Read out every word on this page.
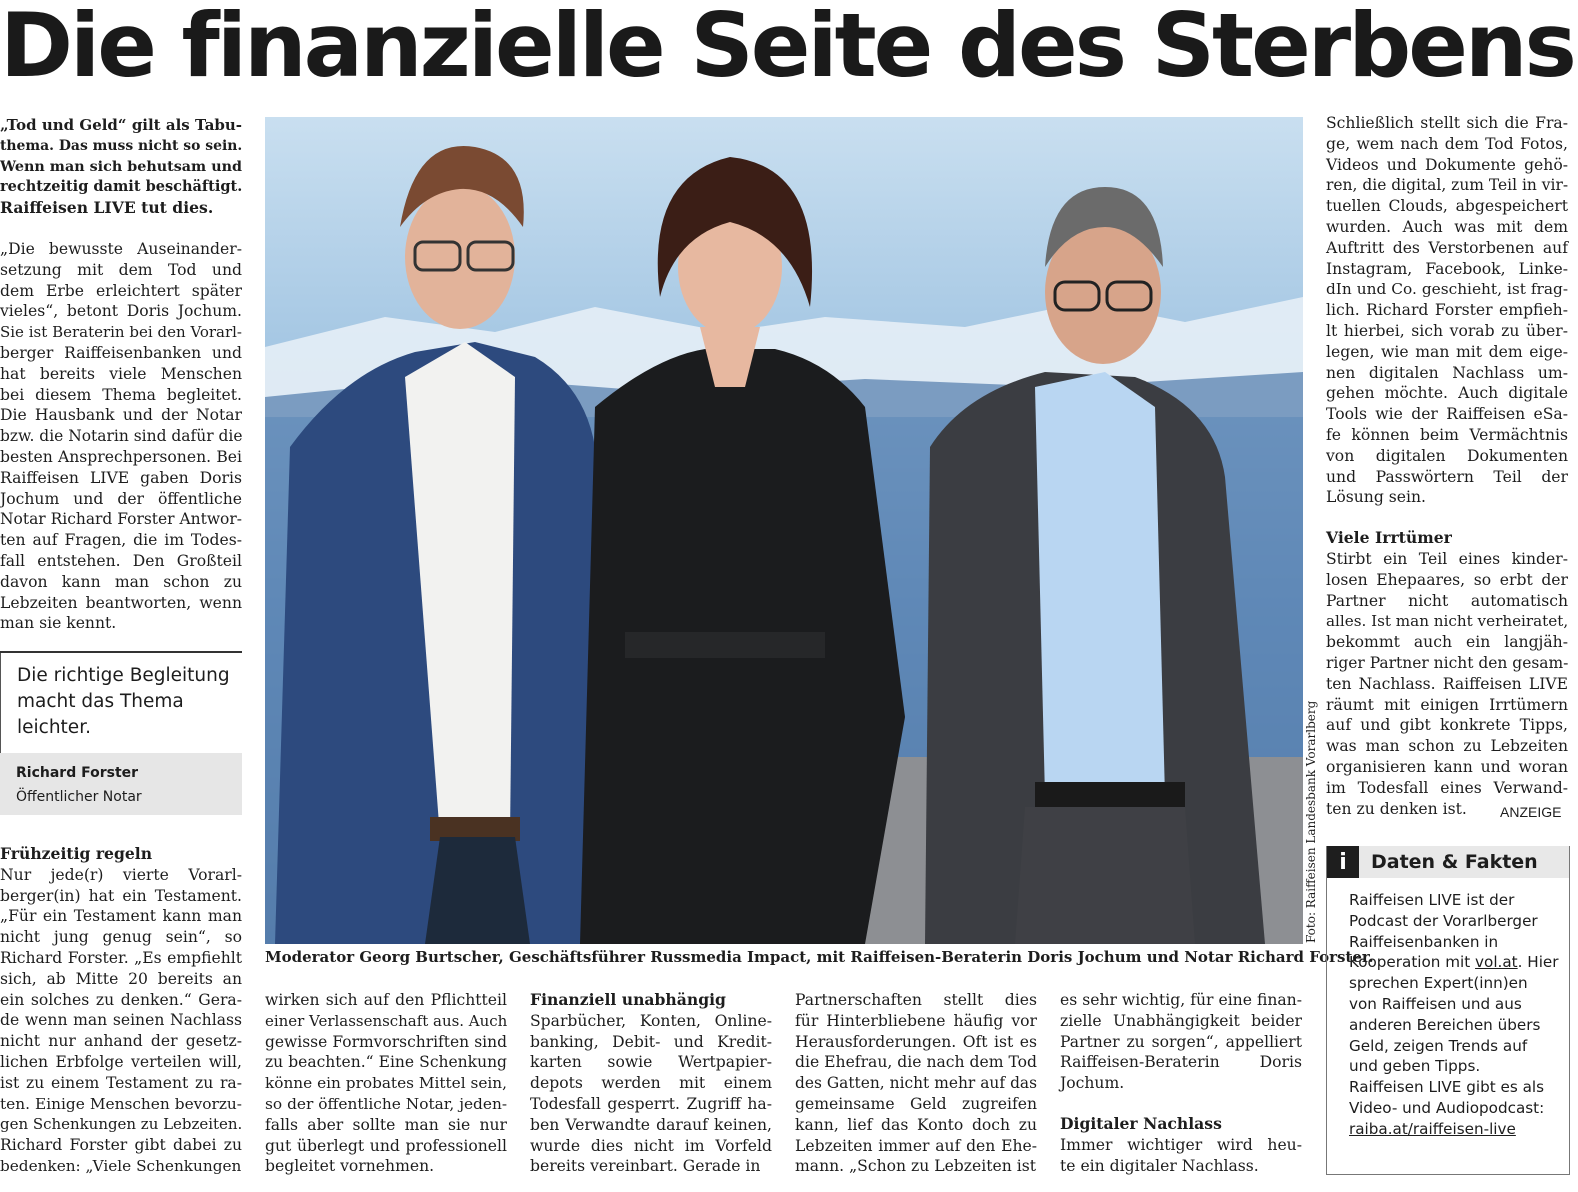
Die finanzielle Seite des Sterbens
„Tod und Geld“ gilt als Tabu-
thema. Das muss nicht so sein.
Wenn man sich behutsam und
rechtzeitig damit beschäftigt.
Raiffeisen LIVE tut dies.
„Die bewusste Auseinander-
setzung mit dem Tod und
dem Erbe erleichtert später
vieles“, betont Doris Jochum.
Sie ist Beraterin bei den Vorarl-
berger Raiffeisenbanken und
hat bereits viele Menschen
bei diesem Thema begleitet.
Die Hausbank und der Notar
bzw. die Notarin sind dafür die
besten Ansprechpersonen. Bei
Raiffeisen LIVE gaben Doris
Jochum und der öffentliche
Notar Richard Forster Antwor-
ten auf Fragen, die im Todes-
fall entstehen. Den Großteil
davon kann man schon zu
Lebzeiten beantworten, wenn
man sie kennt.
Die richtige Begleitung macht das Thema leichter.
Richard Forster
Öffentlicher Notar
Frühzeitig regeln
Nur jede(r) vierte Vorarl-
berger(in) hat ein Testament.
„Für ein Testament kann man
nicht jung genug sein“, so
Richard Forster. „Es empfiehlt
sich, ab Mitte 20 bereits an
ein solches zu denken.“ Gera-
de wenn man seinen Nachlass
nicht nur anhand der gesetz-
lichen Erbfolge verteilen will,
ist zu einem Testament zu ra-
ten. Einige Menschen bevorzu-
gen Schenkungen zu Lebzeiten.
Richard Forster gibt dabei zu
bedenken: „Viele Schenkungen
Foto: Raiffeisen Landesbank Vorarlberg
Moderator Georg Burtscher, Geschäftsführer Russmedia Impact, mit Raiffeisen-Beraterin Doris Jochum und Notar Richard Forster.
wirken sich auf den Pflichtteil
einer Verlassenschaft aus. Auch
gewisse Formvorschriften sind
zu beachten.“ Eine Schenkung
könne ein probates Mittel sein,
so der öffentliche Notar, jeden-
falls aber sollte man sie nur
gut überlegt und professionell
begleitet vornehmen.
Finanziell unabhängig
Sparbücher, Konten, Online-
banking, Debit- und Kredit-
karten sowie Wertpapier-
depots werden mit einem
Todesfall gesperrt. Zugriff ha-
ben Verwandte darauf keinen,
wurde dies nicht im Vorfeld
bereits vereinbart. Gerade in
Partnerschaften stellt dies
für Hinterbliebene häufig vor
Herausforderungen. Oft ist es
die Ehefrau, die nach dem Tod
des Gatten, nicht mehr auf das
gemeinsame Geld zugreifen
kann, lief das Konto doch zu
Lebzeiten immer auf den Ehe-
mann. „Schon zu Lebzeiten ist
es sehr wichtig, für eine finan-
zielle Unabhängigkeit beider
Partner zu sorgen“, appelliert
Raiffeisen-Beraterin Doris
Jochum.
Digitaler Nachlass
Immer wichtiger wird heu-
te ein digitaler Nachlass.
Schließlich stellt sich die Fra-
ge, wem nach dem Tod Fotos,
Videos und Dokumente gehö-
ren, die digital, zum Teil in vir-
tuellen Clouds, abgespeichert
wurden. Auch was mit dem
Auftritt des Verstorbenen auf
Instagram, Facebook, Linke-
dIn und Co. geschieht, ist frag-
lich. Richard Forster empfieh-
lt hierbei, sich vorab zu über-
legen, wie man mit dem eige-
nen digitalen Nachlass um-
gehen möchte. Auch digitale
Tools wie der Raiffeisen eSa-
fe können beim Vermächtnis
von digitalen Dokumenten
und Passwörtern Teil der
Lösung sein.
Viele Irrtümer
Stirbt ein Teil eines kinder-
losen Ehepaares, so erbt der
Partner nicht automatisch
alles. Ist man nicht verheiratet,
bekommt auch ein langjäh-
riger Partner nicht den gesam-
ten Nachlass. Raiffeisen LIVE
räumt mit einigen Irrtümern
auf und gibt konkrete Tipps,
was man schon zu Lebzeiten
organisieren kann und woran
im Todesfall eines Verwand-
ten zu denken ist.	ANZEIGE
i	Daten & Fakten
Raiffeisen LIVE ist der Podcast der Vorarlberger Raiffeisenbanken in Kooperation mit vol.at. Hier sprechen Expert(inn)en von Raiffeisen und aus anderen Bereichen übers Geld, zeigen Trends auf und geben Tipps. Raiffeisen LIVE gibt es als Video- und Audiopodcast: raiba.at/raiffeisen-live
